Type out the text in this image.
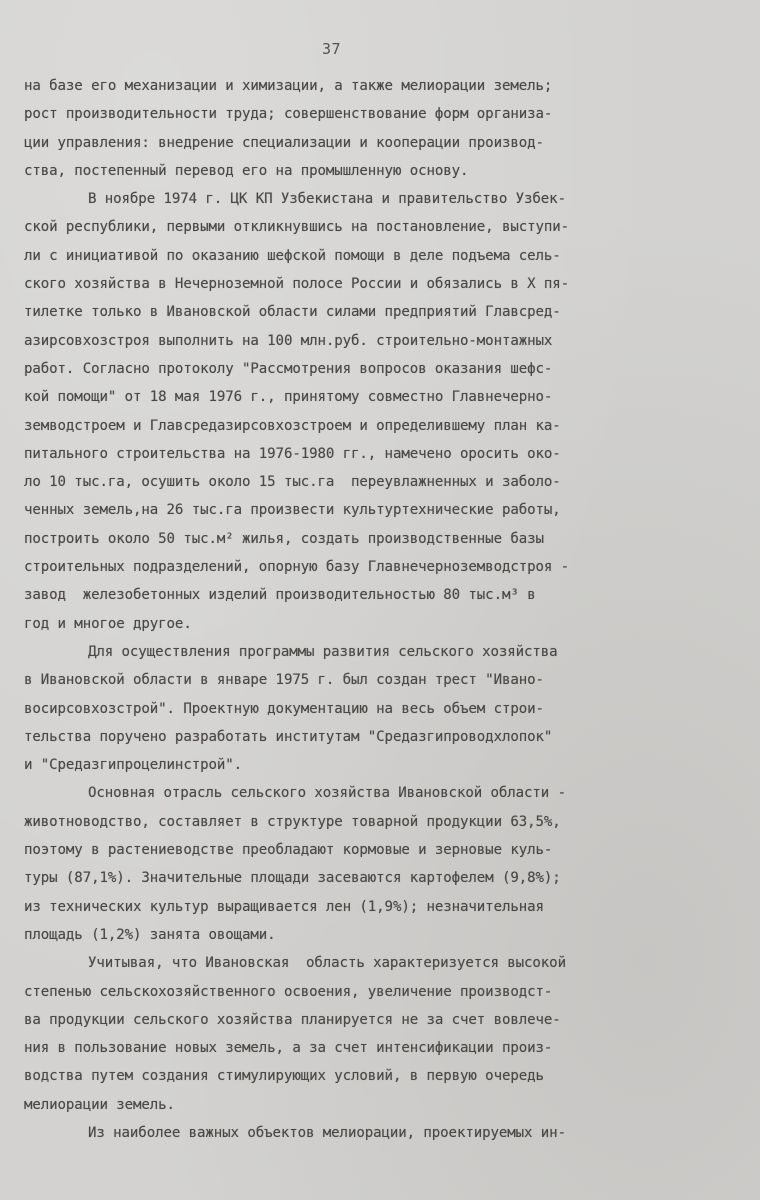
37
на базе его механизации и химизации, а также мелиорации земель;
рост производительности труда; совершенствование форм организа-
ции управления: внедрение специализации и кооперации производ-
ства, постепенный перевод его на промышленную основу.
В ноябре 1974 г. ЦК КП Узбекистана и правительство Узбек-
ской республики, первыми откликнувшись на постановление, выступи-
ли с инициативой по оказанию шефской помощи в деле подъема сель-
ского хозяйства в Нечерноземной полосе России и обязались в X пя-
тилетке только в Ивановской области силами предприятий Главсред-
азирсовхозстроя выполнить на 100 млн.руб. строительно-монтажных
работ. Согласно протоколу "Рассмотрения вопросов оказания шефс-
кой помощи" от 18 мая 1976 г., принятому совместно Главнечерно-
земводстроем и Главсредазирсовхозстроем и определившему план ка-
питального строительства на 1976-1980 гг., намечено оросить око-
ло 10 тыс.га, осушить около 15 тыс.га  переувлажненных и заболо-
ченных земель,на 26 тыс.га произвести культуртехнические работы,
построить около 50 тыс.м² жилья, создать производственные базы
строительных подразделений, опорную базу Главнечерноземводстроя -
завод  железобетонных изделий производительностью 80 тыс.м³ в
год и многое другое.
Для осуществления программы развития сельского хозяйства
в Ивановской области в январе 1975 г. был создан трест "Ивано-
восирсовхозстрой". Проектную документацию на весь объем строи-
тельства поручено разработать институтам "Средазгипроводхлопок"
и "Средазгипроцелинстрой".
Основная отрасль сельского хозяйства Ивановской области -
животноводство, составляет в структуре товарной продукции 63,5%,
поэтому в растениеводстве преобладают кормовые и зерновые куль-
туры (87,1%). Значительные площади засеваются картофелем (9,8%);
из технических культур выращивается лен (1,9%); незначительная
площадь (1,2%) занята овощами.
Учитывая, что Ивановская  область характеризуется высокой
степенью сельскохозяйственного освоения, увеличение производст-
ва продукции сельского хозяйства планируется не за счет вовлече-
ния в пользование новых земель, а за счет интенсификации произ-
водства путем создания стимулирующих условий, в первую очередь
мелиорации земель.
Из наиболее важных объектов мелиорации, проектируемых ин-
